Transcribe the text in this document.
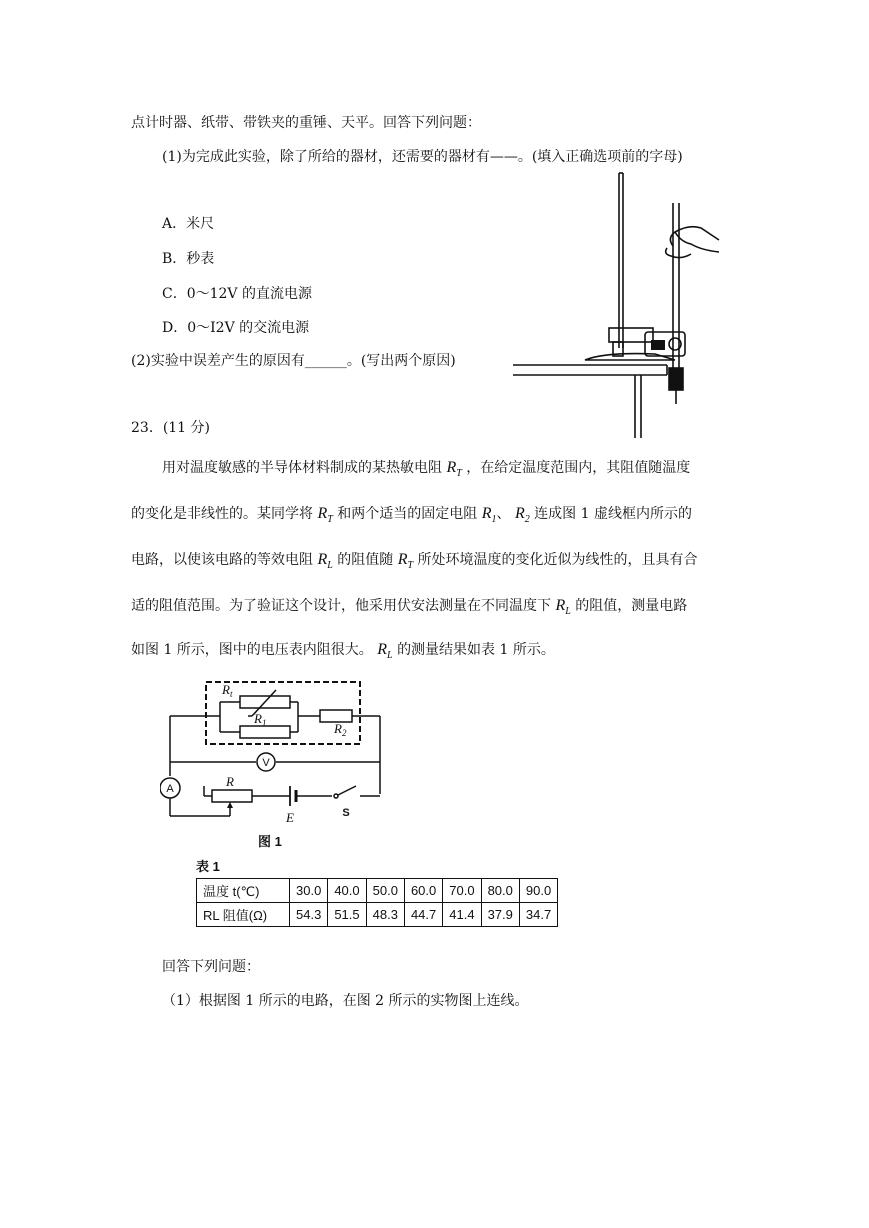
点计时器、纸带、带铁夹的重锤、天平。回答下列问题：
(1)为完成此实验，除了所给的器材，还需要的器材有——。(填入正确选项前的字母)
A．米尺
B．秒表
C．0～12V 的直流电源
D．0～I2V 的交流电源
(2)实验中误差产生的原因有______。(写出两个原因)
23．(11 分)
用对温度敏感的半导体材料制成的某热敏电阻 $R_T$ ，在给定温度范围内，其阻值随温度
的变化是非线性的。某同学将 $R_T$ 和两个适当的固定电阻 $R_1$、 $R_2$ 连成图 1 虚线框内所示的
电路，以使该电路的等效电阻 $R_L$ 的阻值随 $R_T$ 所处环境温度的变化近似为线性的，且具有合
适的阻值范围。为了验证这个设计，他采用伏安法测量在不同温度下 $R_L$ 的阻值，测量电路
如图 1 所示，图中的电压表内阻很大。 $R_L$ 的测量结果如表 1 所示。
回答下列问题：
（1）根据图 1 所示的电路，在图 2 所示的实物图上连线。
$R_t$
$R_1$	$R_2$
R
E
V
A
S
图 1
表 1
温度 t(℃)	30.0	40.0	50.0	60.0	70.0	80.0	90.0
RL 阻值(Ω)	54.3	51.5	48.3	44.7	41.4	37.9	34.7
